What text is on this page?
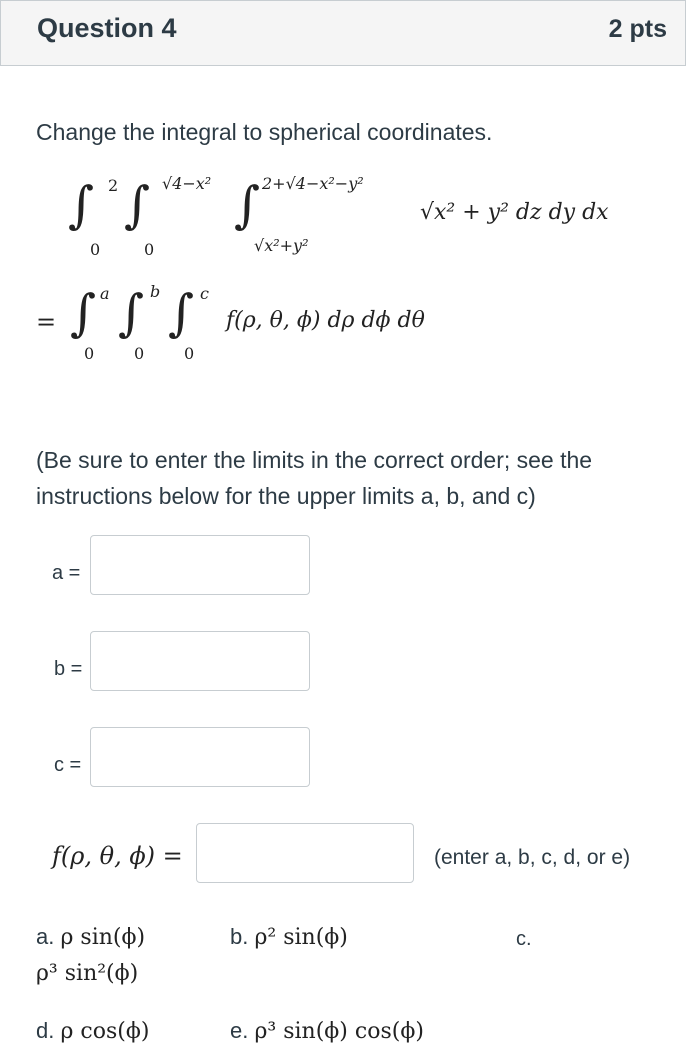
Question 4	2 pts
Change the integral to spherical coordinates.
∫ 2
0
∫ √4−x²
0
∫ 2+√4−x²−y²
√x²+y²
√x² + y² dz dy dx
= ∫ a
0
∫ b
0
∫ c
0
f(ρ, θ, ϕ) dρ dϕ dθ
(Be sure to enter the limits in the correct order; see the instructions below for the upper limits a, b, and c)
a =
b =
c =
f(ρ, θ, ϕ) =	(enter a, b, c, d, or e)
a. ρ sin(ϕ)	b. ρ² sin(ϕ)	c.
ρ³ sin²(ϕ)
d. ρ cos(ϕ)	e. ρ³ sin(ϕ) cos(ϕ)
